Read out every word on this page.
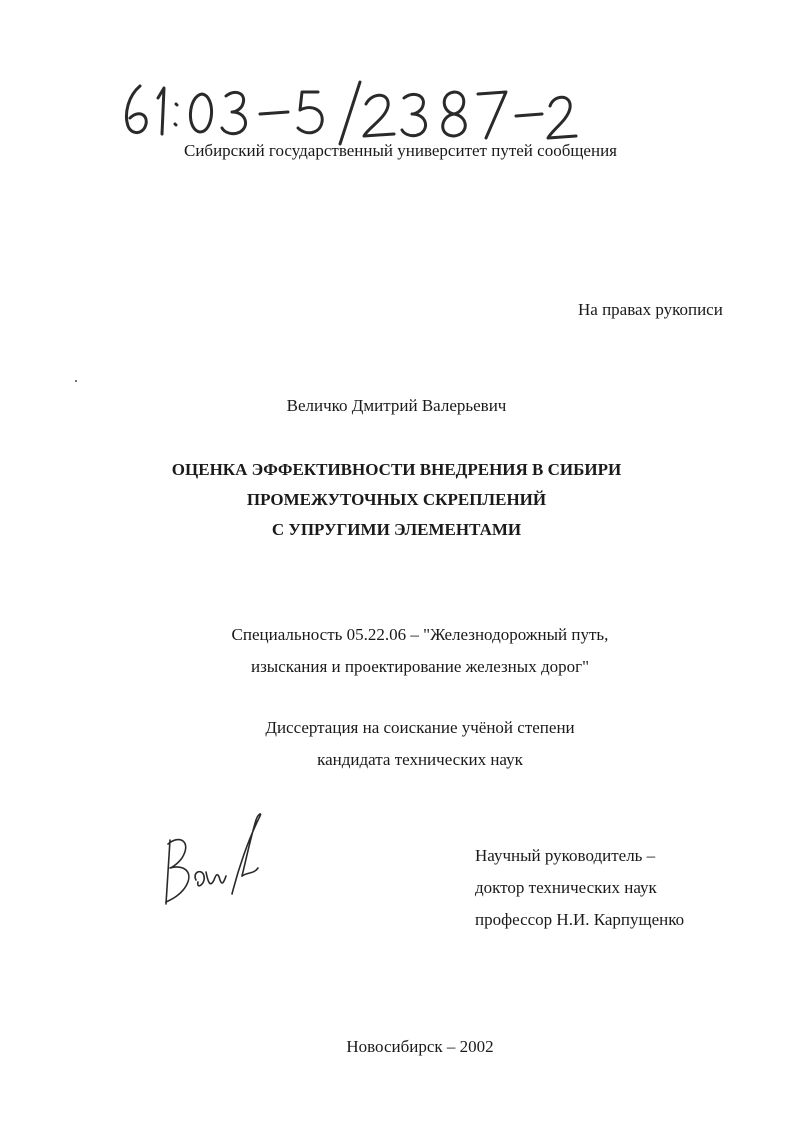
Сибирский государственный университет путей сообщения
На правах рукописи
Величко Дмитрий Валерьевич
ОЦЕНКА ЭФФЕКТИВНОСТИ ВНЕДРЕНИЯ В СИБИРИ
ПРОМЕЖУТОЧНЫХ СКРЕПЛЕНИЙ
С УПРУГИМИ ЭЛЕМЕНТАМИ
Специальность 05.22.06 – "Железнодорожный путь,
изыскания и проектирование железных дорог"
Диссертация на соискание учёной степени
кандидата технических наук
Научный руководитель –
доктор технических наук
профессор Н.И. Карпущенко
Новосибирск – 2002
